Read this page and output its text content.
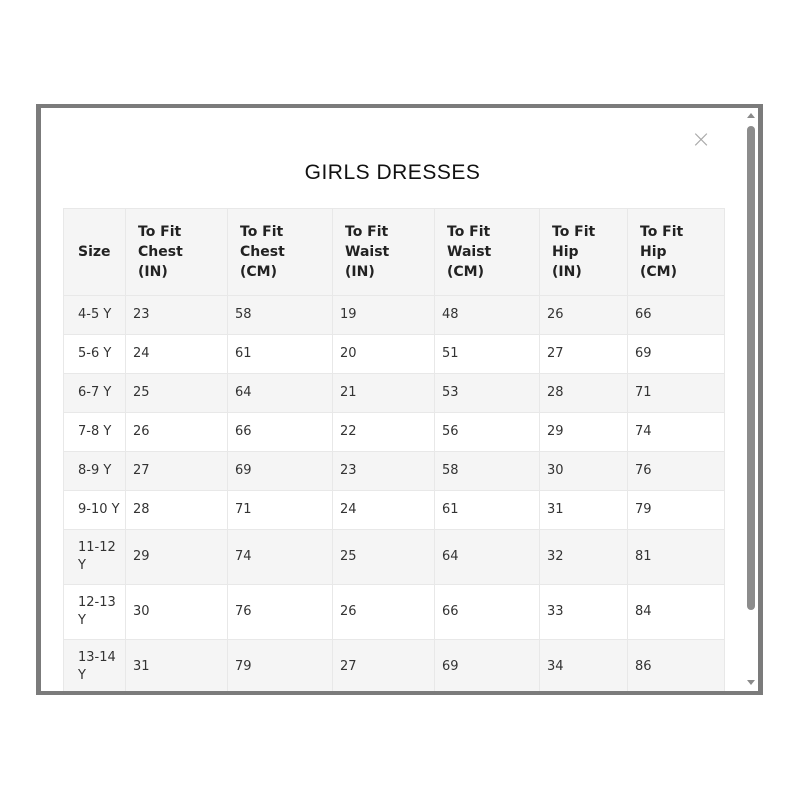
×
GIRLS DRESSES
Size	To Fit
Chest
(IN)	To Fit
Chest
(CM)	To Fit
Waist
(IN)	To Fit
Waist
(CM)	To Fit
Hip
(IN)	To Fit
Hip
(CM)

4-5 Y	23	58	19	48	26	66
5-6 Y	24	61	20	51	27	69
6-7 Y	25	64	21	53	28	71
7-8 Y	26	66	22	56	29	74
8-9 Y	27	69	23	58	30	76
9-10 Y	28	71	24	61	31	79
11-12 Y	29	74	25	64	32	81
12-13 Y	30	76	26	66	33	84
13-14 Y	31	79	27	69	34	86
